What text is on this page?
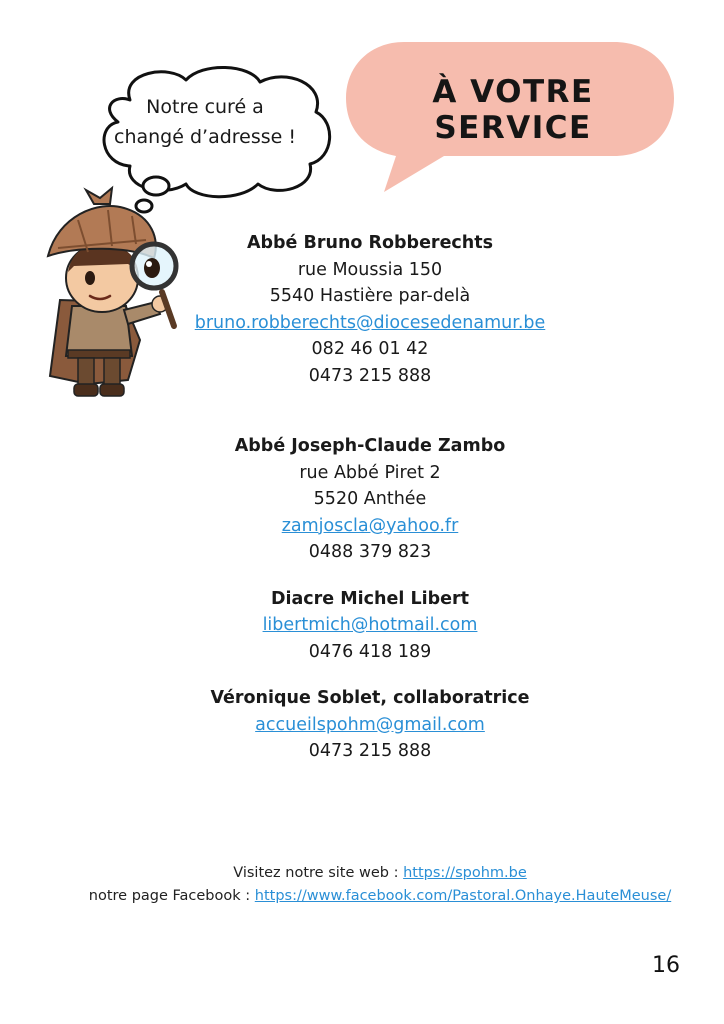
Notre curé a
changé d’adresse !
À VOTRE SERVICE
Abbé Bruno Robberechts
rue Moussia 150
5540 Hastière par-delà
bruno.robberechts@diocesedenamur.be
082 46 01 42
0473 215 888
Abbé Joseph-Claude Zambo
rue Abbé Piret 2
5520 Anthée
zamjoscla@yahoo.fr
0488 379 823
Diacre Michel Libert
libertmich@hotmail.com
0476 418 189
Véronique Soblet, collaboratrice
accueilspohm@gmail.com
0473 215 888
Visitez notre site web : https://spohm.be
notre page Facebook : https://www.facebook.com/Pastoral.Onhaye.HauteMeuse/
16
